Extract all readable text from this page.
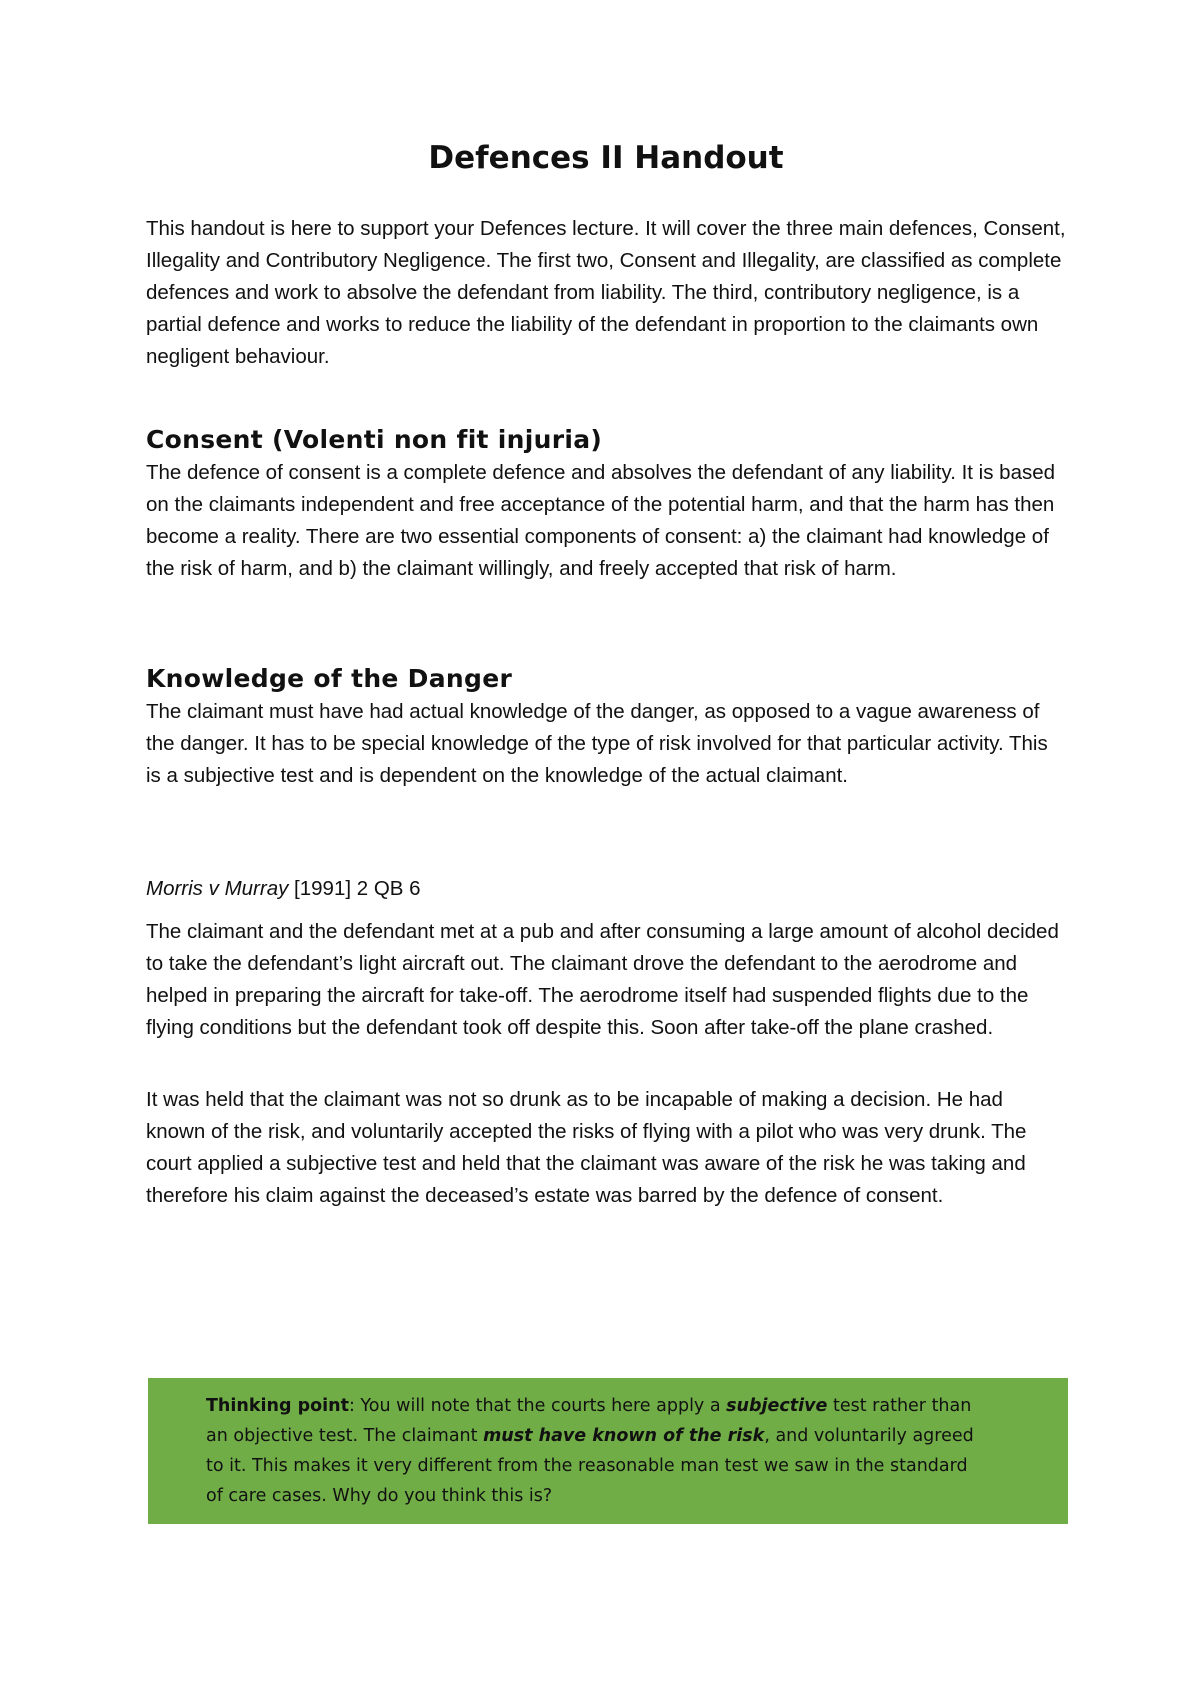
Defences II Handout

This handout is here to support your Defences lecture. It will cover the three main defences, Consent, Illegality and Contributory Negligence. The first two, Consent and Illegality, are classified as complete defences and work to absolve the defendant from liability. The third, contributory negligence, is a partial defence and works to reduce the liability of the defendant in proportion to the claimants own negligent behaviour.

Consent (Volenti non fit injuria)

The defence of consent is a complete defence and absolves the defendant of any liability. It is based on the claimants independent and free acceptance of the potential harm, and that the harm has then become a reality. There are two essential components of consent: a) the claimant had knowledge of the risk of harm, and b) the claimant willingly, and freely accepted that risk of harm.

Knowledge of the Danger

The claimant must have had actual knowledge of the danger, as opposed to a vague awareness of the danger. It has to be special knowledge of the type of risk involved for that particular activity. This is a subjective test and is dependent on the knowledge of the actual claimant.

Morris v Murray [1991] 2 QB 6

The claimant and the defendant met at a pub and after consuming a large amount of alcohol decided to take the defendant’s light aircraft out. The claimant drove the defendant to the aerodrome and helped in preparing the aircraft for take-off. The aerodrome itself had suspended flights due to the flying conditions but the defendant took off despite this. Soon after take-off the plane crashed.

It was held that the claimant was not so drunk as to be incapable of making a decision. He had known of the risk, and voluntarily accepted the risks of flying with a pilot who was very drunk. The court applied a subjective test and held that the claimant was aware of the risk he was taking and therefore his claim against the deceased’s estate was barred by the defence of consent.

Thinking point: You will note that the courts here apply a subjective test rather than an objective test. The claimant must have known of the risk, and voluntarily agreed to it. This makes it very different from the reasonable man test we saw in the standard of care cases. Why do you think this is?
